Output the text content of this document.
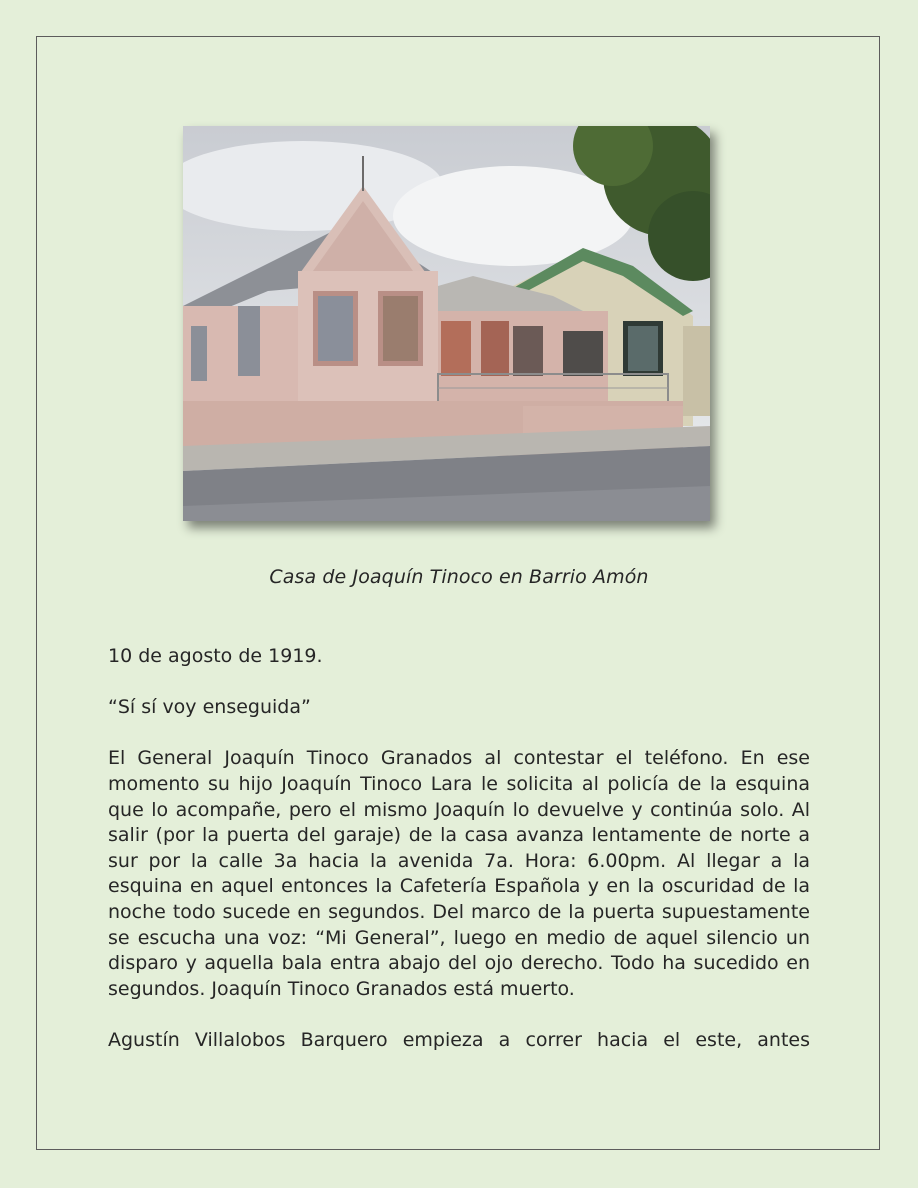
Casa de Joaquín Tinoco en Barrio Amón

10 de agosto de 1919.

“Sí sí voy enseguida”

El General Joaquín Tinoco Granados al contestar el teléfono. En ese momento su hijo Joaquín Tinoco Lara le solicita al policía de la esquina que lo acompañe, pero el mismo Joaquín lo devuelve y continúa solo. Al salir (por la puerta del garaje) de la casa avanza lentamente de norte a sur por la calle 3a hacia la avenida 7a. Hora: 6.00pm. Al llegar a la esquina en aquel entonces la Cafetería Española y en la oscuridad de la noche todo sucede en segundos. Del marco de la puerta supuestamente se escucha una voz: “Mi General”, luego en medio de aquel silencio un disparo y aquella bala entra abajo del ojo derecho. Todo ha sucedido en segundos. Joaquín Tinoco Granados está muerto.

Agustín Villalobos Barquero empieza a correr hacia el este, antes
